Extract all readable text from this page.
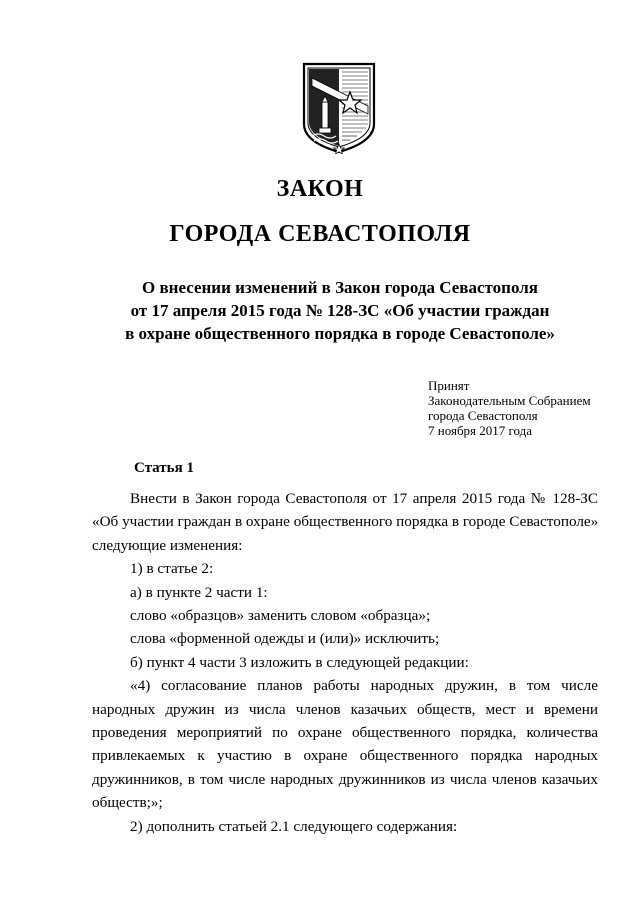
ЗАКОН
ГОРОДА СЕВАСТОПОЛЯ
О внесении изменений в Закон города Севастополя
от 17 апреля 2015 года № 128-ЗС «Об участии граждан
в охране общественного порядка в городе Севастополе»
Принят
Законодательным Собранием
города Севастополя
7 ноября 2017 года
Статья 1
Внести в Закон города Севастополя от 17 апреля 2015 года № 128-ЗС
«Об участии граждан в охране общественного порядка в городе Севастополе»
следующие изменения:

1) в статье 2:

а) в пункте 2 части 1:

слово «образцов» заменить словом «образца»;

слова «форменной одежды и (или)» исключить;

б) пункт 4 части 3 изложить в следующей редакции:

«4) согласование планов работы народных дружин, в том числе
народных дружин из числа членов казачьих обществ, мест и времени
проведения мероприятий по охране общественного порядка, количества
привлекаемых к участию в охране общественного порядка народных
дружинников, в том числе народных дружинников из числа членов казачьих
обществ;»;

2) дополнить статьей 2.1 следующего содержания:
